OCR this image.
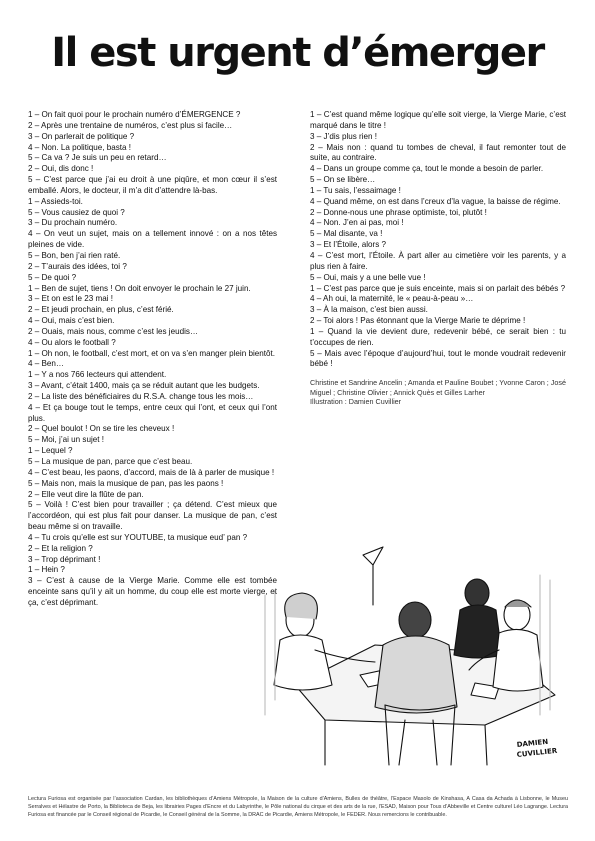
Il est urgent d’émerger

1 – On fait quoi pour le prochain numéro d’ÉMERGENCE ?

2 – Après une trentaine de numéros, c’est plus si facile…

3 – On parlerait de politique ?

4 – Non. La politique, basta !

5 – Ca va ? Je suis un peu en retard…

2 – Oui, dis donc !

5 – C’est parce que j’ai eu droit à une piqûre, et mon cœur il s’est emballé. Alors, le docteur, il m’a dit d’attendre là-bas.

1 – Assieds-toi.

5 – Vous causiez de quoi ?

3 – Du prochain numéro.

4 – On veut un sujet, mais on a tellement innové : on a nos têtes pleines de vide.

5 – Bon, ben j’ai rien raté.

2 – T’aurais des idées, toi ?

5 – De quoi ?

1 – Ben de sujet, tiens ! On doit envoyer le prochain le 27 juin.

3 – Et on est le 23 mai !

2 – Et jeudi prochain, en plus, c’est férié.

4 – Oui, mais c’est bien.

2 – Ouais, mais nous, comme c’est les jeudis…

4 – Ou alors le football ?

1 – Oh non, le football, c’est mort, et on va s’en manger plein bientôt.

4 – Ben…

1 – Y a nos 766 lecteurs qui attendent.

3 – Avant, c’était 1400, mais ça se réduit autant que les budgets.

2 – La liste des bénéficiaires du R.S.A. change tous les mois…

4 – Et ça bouge tout le temps, entre ceux qui l’ont, et ceux qui l’ont plus.

2 – Quel boulot ! On se tire les cheveux !

5 – Moi, j’ai un sujet !

1 – Lequel ?

5 – La musique de pan, parce que c’est beau.

4 – C’est beau, les paons, d’accord, mais de là à parler de musique !

5 – Mais non, mais la musique de pan, pas les paons !

2 – Elle veut dire la flûte de pan.

5 – Voilà ! C’est bien pour travailler ; ça détend. C’est mieux que l’accordéon, qui est plus fait pour danser. La musique de pan, c’est beau même si on travaille.

4 – Tu crois qu’elle est sur YOUTUBE, ta musique eud’ pan ?

2 – Et la religion ?

3 – Trop déprimant !

1 – Hein ?

3 – C’est à cause de la Vierge Marie. Comme elle est tombée enceinte sans qu’il y ait un homme, du coup elle est morte vierge, et ça, c’est déprimant.

1 – C’est quand même logique qu’elle soit vierge, la Vierge Marie, c’est marqué dans le titre !

3 – J’dis plus rien !

2 – Mais non : quand tu tombes de cheval, il faut remonter tout de suite, au contraire.

4 – Dans un groupe comme ça, tout le monde a besoin de parler.

5 – On se libère…

1 – Tu sais, l’essaimage !

4 – Quand même, on est dans l’creux d’la vague, la baisse de régime.

2 – Donne-nous une phrase optimiste, toi, plutôt !

4 – Non. J’en ai pas, moi !

5 – Mal disante, va !

3 – Et l’Étoile, alors ?

4 – C’est mort, l’Étoile. À part aller au cimetière voir les parents, y a plus rien à faire.

5 – Oui, mais y a une belle vue !

1 – C’est pas parce que je suis enceinte, mais si on parlait des bébés ?

4 – Ah oui, la maternité, le « peau-à-peau »…

3 – À la maison, c’est bien aussi.

2 – Toi alors ! Pas étonnant que la Vierge Marie te déprime !

1 – Quand la vie devient dure, redevenir bébé, ce serait bien : tu t’occupes de rien.

5 – Mais avec l’époque d’aujourd’hui, tout le monde voudrait redevenir bébé !

Christine et Sandrine Ancelin ; Amanda et Pauline Boubet ; Yvonne Caron ; José Miguel ; Christine Olivier ; Annick Quès et Gilles Larher
Illustration : Damien Cuvillier

DAMIEN
CUVILLIER
Lectura Furiosa est organisée par l’association Cardan, les bibliothèques d’Amiens Métropole, la Maison de la culture d’Amiens, Bulles de théâtre, l’Espace Masolo de Kinshasa, A Casa da Achada à Lisbonne, le Museu Serralves et Hélastre de Porto, la Biblioteca de Beja, les librairies Pages d’Encre et du Labyrinthe, le Pôle national du cirque et des arts de la rue, l’ESAD, Maison pour Tous d’Abbeville et Centre culturel Léo Lagrange. Lectura Furiosa est financée par le Conseil régional de Picardie, le Conseil général de la Somme, la DRAC de Picardie, Amiens Métropole, le FEDER. Nous remercions le contribuable.
